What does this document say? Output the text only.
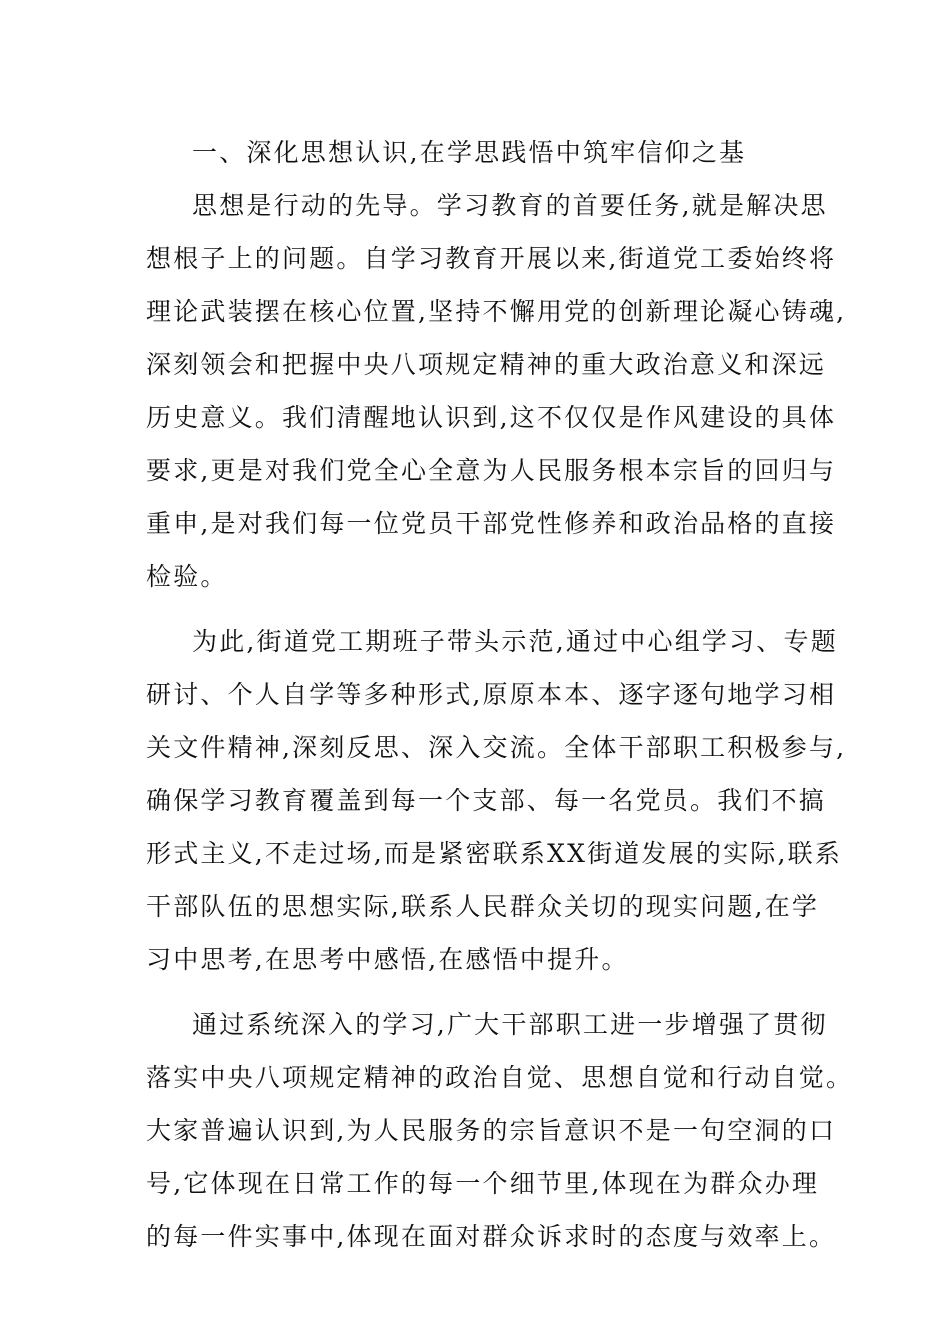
一、深化思想认识,在学思践悟中筑牢信仰之基
思想是行动的先导。学习教育的首要任务,就是解决思
想根子上的问题。自学习教育开展以来,街道党工委始终将
理论武装摆在核心位置,坚持不懈用党的创新理论凝心铸魂,
深刻领会和把握中央八项规定精神的重大政治意义和深远
历史意义。我们清醒地认识到,这不仅仅是作风建设的具体
要求,更是对我们党全心全意为人民服务根本宗旨的回归与
重申,是对我们每一位党员干部党性修养和政治品格的直接
检验。
为此,街道党工期班子带头示范,通过中心组学习、专题
研讨、个人自学等多种形式,原原本本、逐字逐句地学习相
关文件精神,深刻反思、深入交流。全体干部职工积极参与,
确保学习教育覆盖到每一个支部、每一名党员。我们不搞
形式主义,不走过场,而是紧密联系XX街道发展的实际,联系
干部队伍的思想实际,联系人民群众关切的现实问题,在学
习中思考,在思考中感悟,在感悟中提升。
通过系统深入的学习,广大干部职工进一步增强了贯彻
落实中央八项规定精神的政治自觉、思想自觉和行动自觉。
大家普遍认识到,为人民服务的宗旨意识不是一句空洞的口
号,它体现在日常工作的每一个细节里,体现在为群众办理
的每一件实事中,体现在面对群众诉求时的态度与效率上。
